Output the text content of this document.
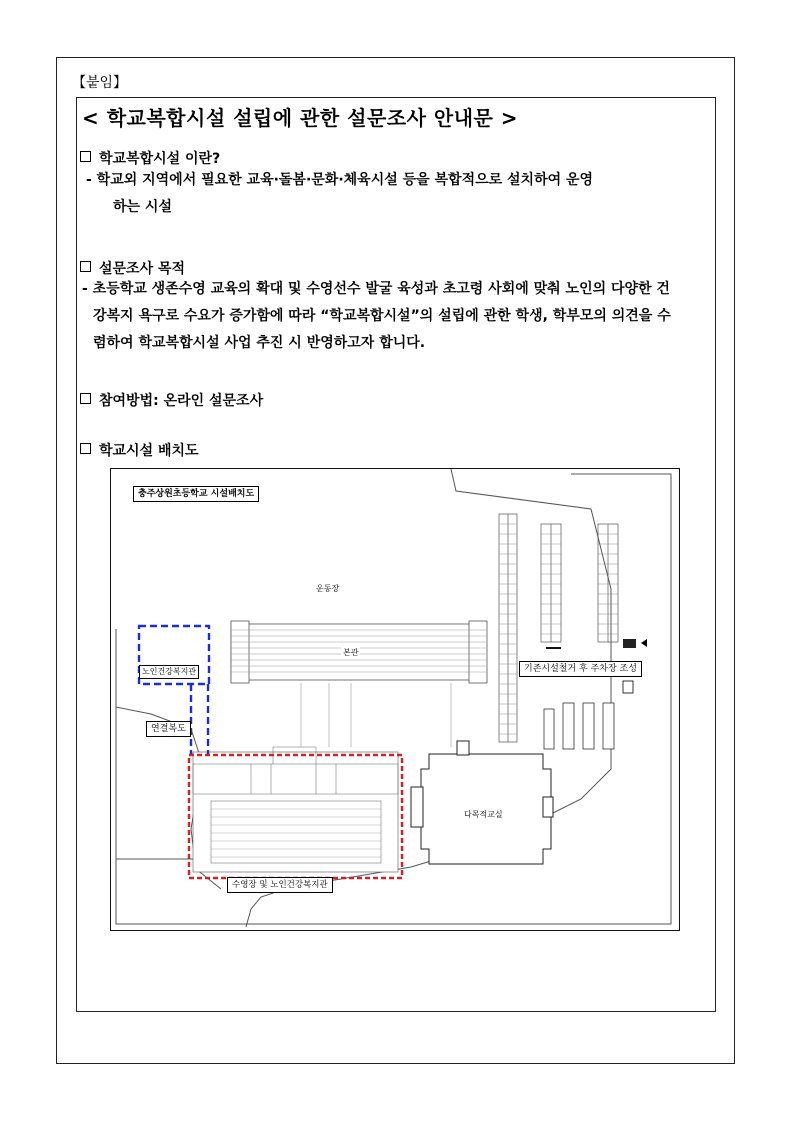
【붙임】
< 학교복합시설 설립에 관한 설문조사 안내문 >
학교복합시설 이란?
- 학교외 지역에서 필요한 교육·돌봄·문화·체육시설 등을 복합적으로 설치하여 운영
하는 시설
설문조사 목적
- 초등학교 생존수영 교육의 확대 및 수영선수 발굴 육성과 초고령 사회에 맞춰 노인의 다양한 건
강복지 욕구로 수요가 증가함에 따라 “학교복합시설”의 설립에 관한 학생, 학부모의 의견을 수
렴하여 학교복합시설 사업 추진 시 반영하고자 합니다.
참여방법: 온라인 설문조사
학교시설 배치도
충주상원초등학교 시설배치도
운동장
본관
노인건강복지관
연결복도
기존시설철거 후 주차장 조성
다목적교실
수영장 및 노인건강복지관
